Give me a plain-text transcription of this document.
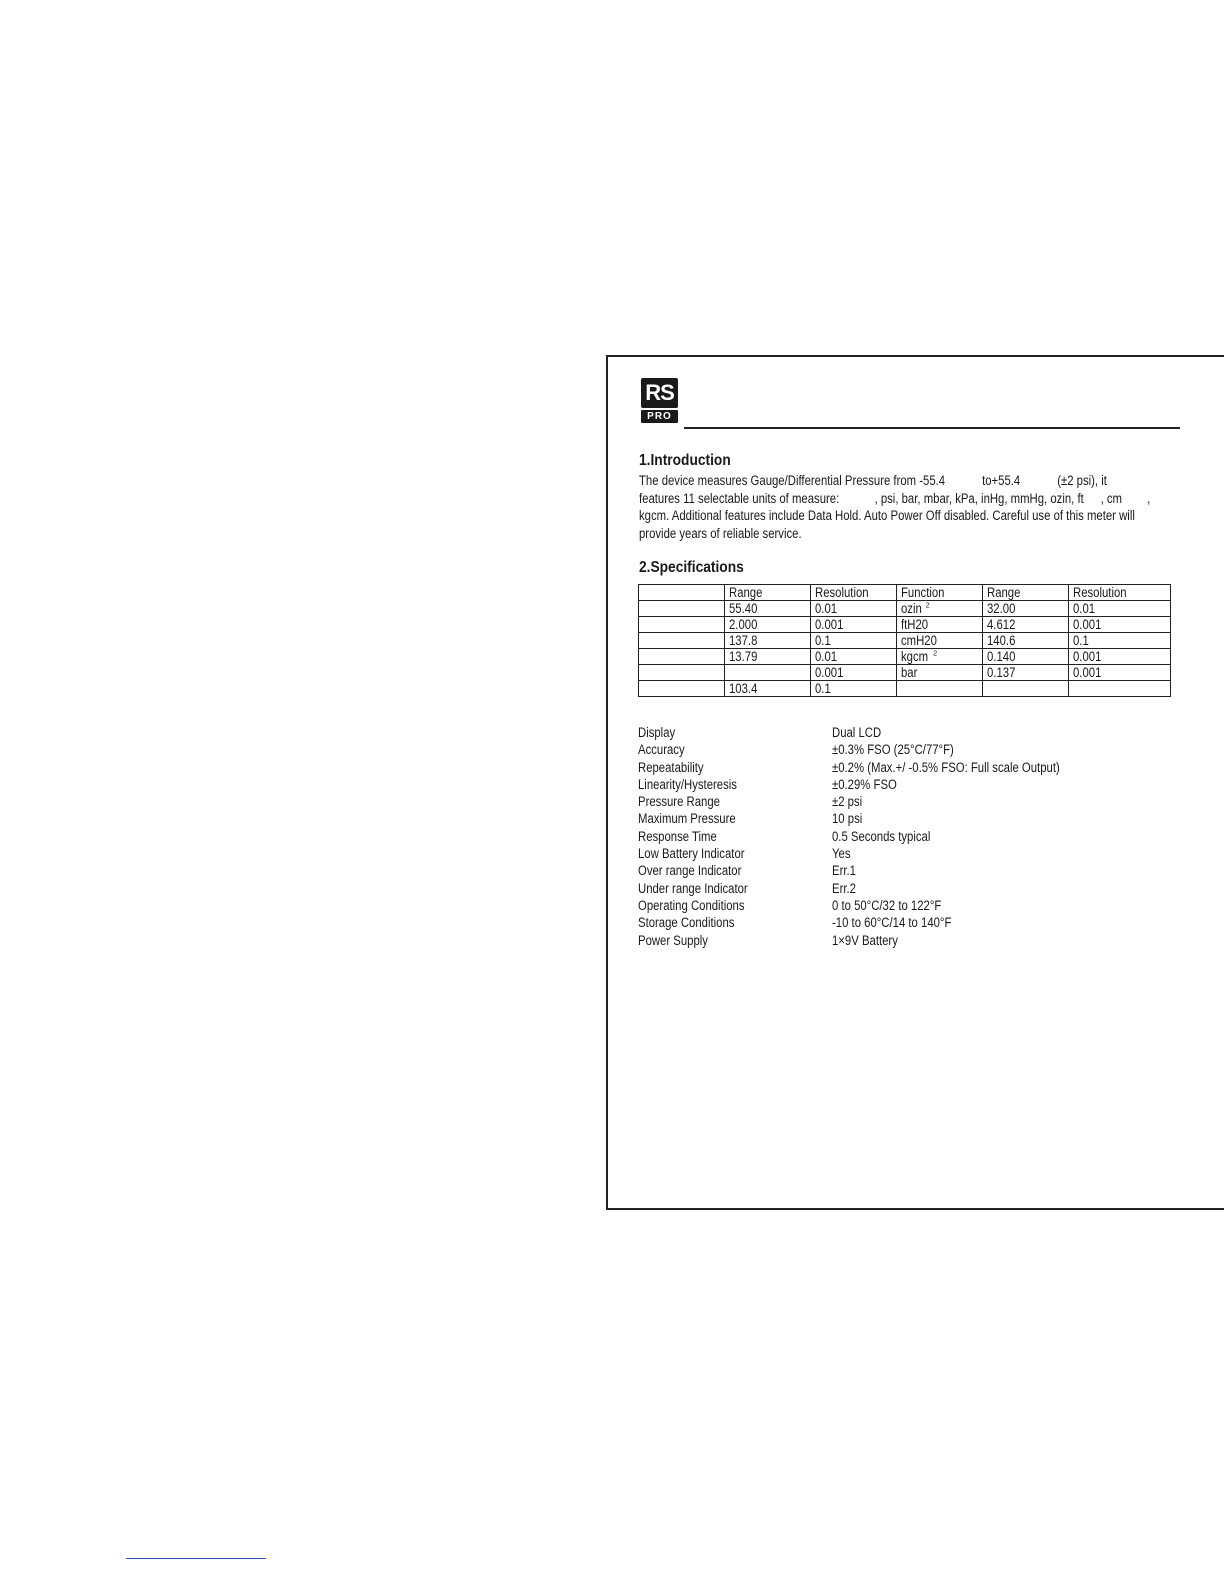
RS
PRO
1.Introduction
The device measures Gauge/Differential Pressure from -55.4	to+55.4	(±2 psi), it
features 11 selectable units of measure:	, psi, bar, mbar, kPa, inHg, mmHg, ozin, ft , cm ,
kgcm. Additional features include Data Hold. Auto Power Off disabled. Careful use of this meter will
provide years of reliable service.
2.Specifications
	Range	Resolution	Function	Range	Resolution
	55.40	0.01	ozin $^2$	32.00	0.01
	2.000	0.001	ftH20	4.612	0.001
	137.8	0.1	cmH20	140.6	0.1
	13.79	0.01	kgcm $^2$	0.140	0.001
		0.001	bar	0.137	0.001
	103.4	0.1			
Display	Dual LCD
Accuracy	±0.3% FSO (25°C/77°F)
Repeatability	±0.2% (Max.+/ -0.5% FSO: Full scale Output)
Linearity/Hysteresis	±0.29% FSO
Pressure Range	±2 psi
Maximum Pressure	10 psi
Response Time	0.5 Seconds typical
Low Battery Indicator	Yes
Over range Indicator	Err.1
Under range Indicator	Err.2
Operating Conditions	0 to 50°C/32 to 122°F
Storage Conditions	-10 to 60°C/14 to 140°F
Power Supply	1×9V Battery
